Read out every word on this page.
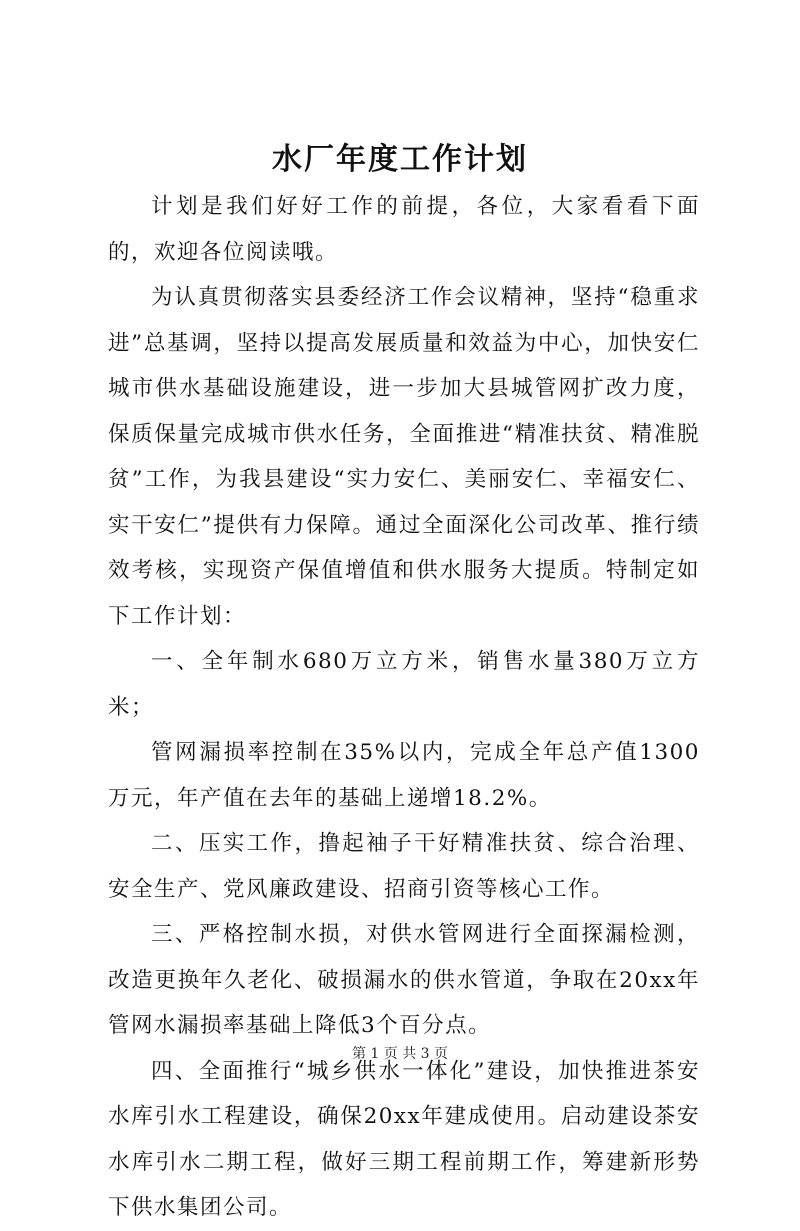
水厂年度工作计划

计划是我们好好工作的前提，各位，大家看看下面的，欢迎各位阅读哦。

为认真贯彻落实县委经济工作会议精神，坚持“稳重求进”总基调，坚持以提高发展质量和效益为中心，加快安仁城市供水基础设施建设，进一步加大县城管网扩改力度，保质保量完成城市供水任务，全面推进“精准扶贫、精准脱贫”工作，为我县建设“实力安仁、美丽安仁、幸福安仁、实干安仁”提供有力保障。通过全面深化公司改革、推行绩效考核，实现资产保值增值和供水服务大提质。特制定如下工作计划：

一、全年制水680万立方米，销售水量380万立方米；

管网漏损率控制在35%以内，完成全年总产值1300万元，年产值在去年的基础上递增18.2%。

二、压实工作，撸起袖子干好精准扶贫、综合治理、安全生产、党风廉政建设、招商引资等核心工作。

三、严格控制水损，对供水管网进行全面探漏检测，改造更换年久老化、破损漏水的供水管道，争取在20xx年管网水漏损率基础上降低3个百分点。

四、全面推行“城乡供水一体化”建设，加快推进茶安水库引水工程建设，确保20xx年建成使用。启动建设茶安水库引水二期工程，做好三期工程前期工作，筹建新形势下供水集团公司。

第 1 页 共 3 页
